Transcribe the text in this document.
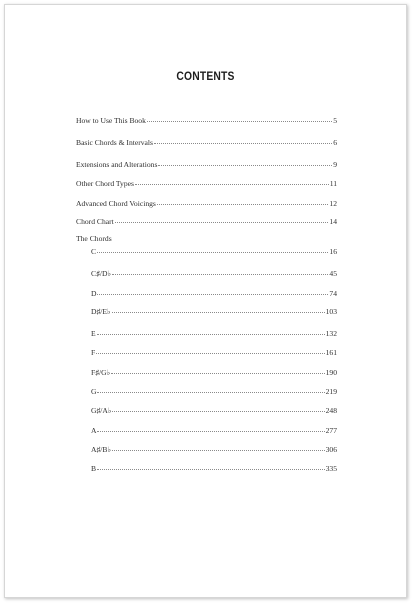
CONTENTS
How to Use This Book	5
Basic Chords & Intervals	6
Extensions and Alterations	9
Other Chord Types	11
Advanced Chord Voicings	12
Chord Chart	14
The Chords
C	16
C♯/D♭	45
D	74
D♯/E♭	103
E	132
F	161
F♯/G♭	190
G	219
G♯/A♭	248
A	277
A♯/B♭	306
B	335
